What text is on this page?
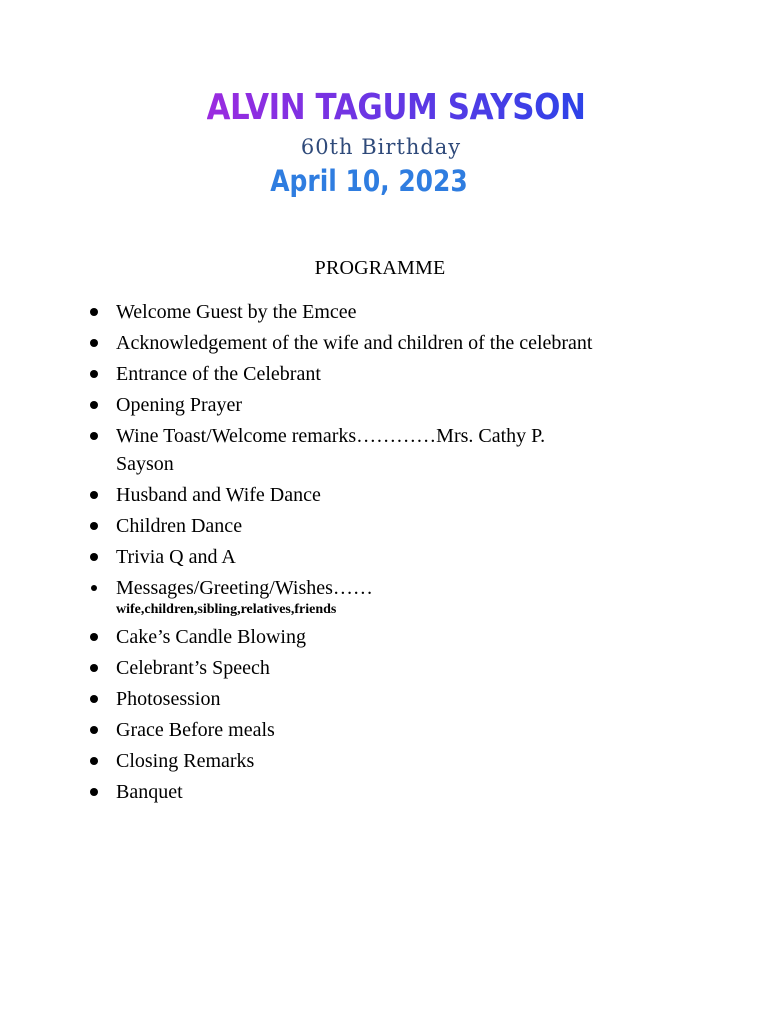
ALVIN TAGUM SAYSON
60th Birthday
April 10, 2023
PROGRAMME
Welcome Guest by the Emcee
Acknowledgement of the wife and children of the celebrant
Entrance of the Celebrant
Opening Prayer
Wine Toast/Welcome remarks…………Mrs. Cathy P.
Sayson
Husband and Wife Dance
Children Dance
Trivia Q and A
Messages/Greeting/Wishes……
wife,children,sibling,relatives,friends
Cake’s Candle Blowing
Celebrant’s Speech
Photosession
Grace Before meals
Closing Remarks
Banquet
